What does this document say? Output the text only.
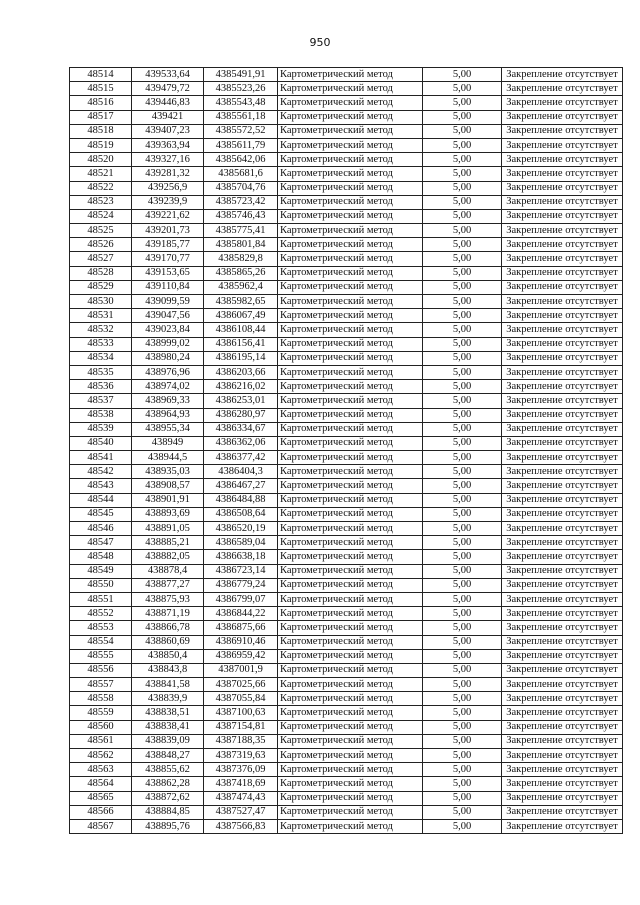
950
48514	439533,64	4385491,91	Картометрический метод	5,00	Закрепление отсутствует
48515	439479,72	4385523,26	Картометрический метод	5,00	Закрепление отсутствует
48516	439446,83	4385543,48	Картометрический метод	5,00	Закрепление отсутствует
48517	439421	4385561,18	Картометрический метод	5,00	Закрепление отсутствует
48518	439407,23	4385572,52	Картометрический метод	5,00	Закрепление отсутствует
48519	439363,94	4385611,79	Картометрический метод	5,00	Закрепление отсутствует
48520	439327,16	4385642,06	Картометрический метод	5,00	Закрепление отсутствует
48521	439281,32	4385681,6	Картометрический метод	5,00	Закрепление отсутствует
48522	439256,9	4385704,76	Картометрический метод	5,00	Закрепление отсутствует
48523	439239,9	4385723,42	Картометрический метод	5,00	Закрепление отсутствует
48524	439221,62	4385746,43	Картометрический метод	5,00	Закрепление отсутствует
48525	439201,73	4385775,41	Картометрический метод	5,00	Закрепление отсутствует
48526	439185,77	4385801,84	Картометрический метод	5,00	Закрепление отсутствует
48527	439170,77	4385829,8	Картометрический метод	5,00	Закрепление отсутствует
48528	439153,65	4385865,26	Картометрический метод	5,00	Закрепление отсутствует
48529	439110,84	4385962,4	Картометрический метод	5,00	Закрепление отсутствует
48530	439099,59	4385982,65	Картометрический метод	5,00	Закрепление отсутствует
48531	439047,56	4386067,49	Картометрический метод	5,00	Закрепление отсутствует
48532	439023,84	4386108,44	Картометрический метод	5,00	Закрепление отсутствует
48533	438999,02	4386156,41	Картометрический метод	5,00	Закрепление отсутствует
48534	438980,24	4386195,14	Картометрический метод	5,00	Закрепление отсутствует
48535	438976,96	4386203,66	Картометрический метод	5,00	Закрепление отсутствует
48536	438974,02	4386216,02	Картометрический метод	5,00	Закрепление отсутствует
48537	438969,33	4386253,01	Картометрический метод	5,00	Закрепление отсутствует
48538	438964,93	4386280,97	Картометрический метод	5,00	Закрепление отсутствует
48539	438955,34	4386334,67	Картометрический метод	5,00	Закрепление отсутствует
48540	438949	4386362,06	Картометрический метод	5,00	Закрепление отсутствует
48541	438944,5	4386377,42	Картометрический метод	5,00	Закрепление отсутствует
48542	438935,03	4386404,3	Картометрический метод	5,00	Закрепление отсутствует
48543	438908,57	4386467,27	Картометрический метод	5,00	Закрепление отсутствует
48544	438901,91	4386484,88	Картометрический метод	5,00	Закрепление отсутствует
48545	438893,69	4386508,64	Картометрический метод	5,00	Закрепление отсутствует
48546	438891,05	4386520,19	Картометрический метод	5,00	Закрепление отсутствует
48547	438885,21	4386589,04	Картометрический метод	5,00	Закрепление отсутствует
48548	438882,05	4386638,18	Картометрический метод	5,00	Закрепление отсутствует
48549	438878,4	4386723,14	Картометрический метод	5,00	Закрепление отсутствует
48550	438877,27	4386779,24	Картометрический метод	5,00	Закрепление отсутствует
48551	438875,93	4386799,07	Картометрический метод	5,00	Закрепление отсутствует
48552	438871,19	4386844,22	Картометрический метод	5,00	Закрепление отсутствует
48553	438866,78	4386875,66	Картометрический метод	5,00	Закрепление отсутствует
48554	438860,69	4386910,46	Картометрический метод	5,00	Закрепление отсутствует
48555	438850,4	4386959,42	Картометрический метод	5,00	Закрепление отсутствует
48556	438843,8	4387001,9	Картометрический метод	5,00	Закрепление отсутствует
48557	438841,58	4387025,66	Картометрический метод	5,00	Закрепление отсутствует
48558	438839,9	4387055,84	Картометрический метод	5,00	Закрепление отсутствует
48559	438838,51	4387100,63	Картометрический метод	5,00	Закрепление отсутствует
48560	438838,41	4387154,81	Картометрический метод	5,00	Закрепление отсутствует
48561	438839,09	4387188,35	Картометрический метод	5,00	Закрепление отсутствует
48562	438848,27	4387319,63	Картометрический метод	5,00	Закрепление отсутствует
48563	438855,62	4387376,09	Картометрический метод	5,00	Закрепление отсутствует
48564	438862,28	4387418,69	Картометрический метод	5,00	Закрепление отсутствует
48565	438872,62	4387474,43	Картометрический метод	5,00	Закрепление отсутствует
48566	438884,85	4387527,47	Картометрический метод	5,00	Закрепление отсутствует
48567	438895,76	4387566,83	Картометрический метод	5,00	Закрепление отсутствует
